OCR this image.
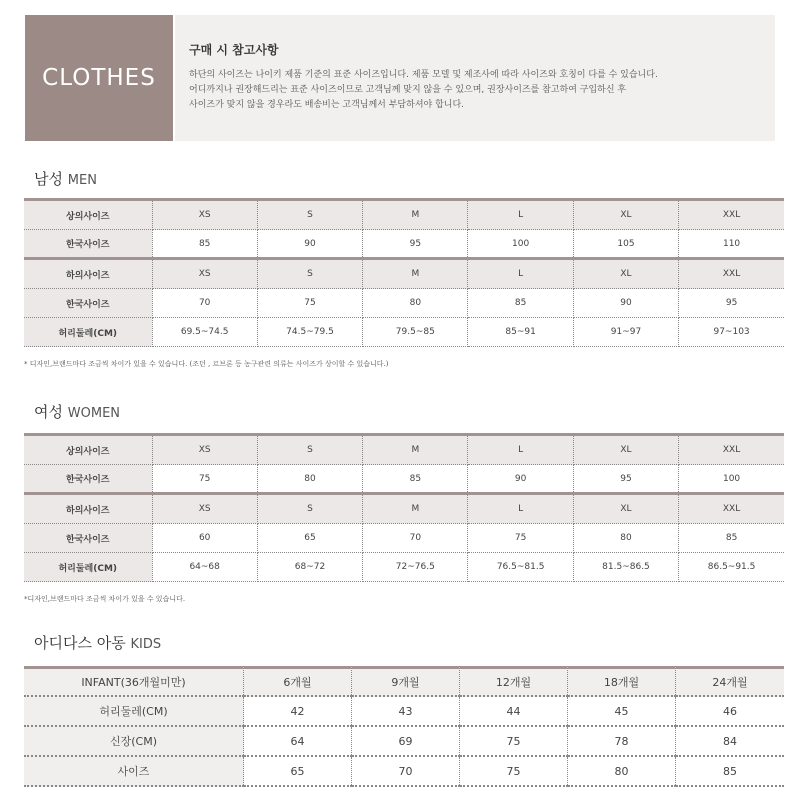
CLOTHES
구매 시 참고사항
하단의 사이즈는 나이키 제품 기준의 표준 사이즈입니다. 제품 모델 및 제조사에 따라 사이즈와 호칭이 다를 수 있습니다.
어디까지나 권장해드리는 표준 사이즈이므로 고객님께 맞지 않을 수 있으며, 권장사이즈를 참고하여 구입하신 후
사이즈가 맞지 않을 경우라도 배송비는 고객님께서 부담하셔야 합니다.
남성 MEN
상의사이즈	XS	S	M	L	XL	XXL
한국사이즈	85	90	95	100	105	110
하의사이즈	XS	S	M	L	XL	XXL
한국사이즈	70	75	80	85	90	95
허리둘레(CM)	69.5~74.5	74.5~79.5	79.5~85	85~91	91~97	97~103
* 디자인,브랜드마다 조금씩 차이가 있을 수 있습니다. (조던 , 르브론 등 농구관련 의류는 사이즈가 상이할 수 있습니다.)
여성 WOMEN
상의사이즈	XS	S	M	L	XL	XXL
한국사이즈	75	80	85	90	95	100
하의사이즈	XS	S	M	L	XL	XXL
한국사이즈	60	65	70	75	80	85
허리둘레(CM)	64~68	68~72	72~76.5	76.5~81.5	81.5~86.5	86.5~91.5
*디자인,브랜드마다 조금씩 차이가 있을 수 있습니다.
아디다스 아동 KIDS
INFANT(36개월미만)	6개월	9개월	12개월	18개월	24개월
허리둘레(CM)	42	43	44	45	46
신장(CM)	64	69	75	78	84
사이즈	65	70	75	80	85
